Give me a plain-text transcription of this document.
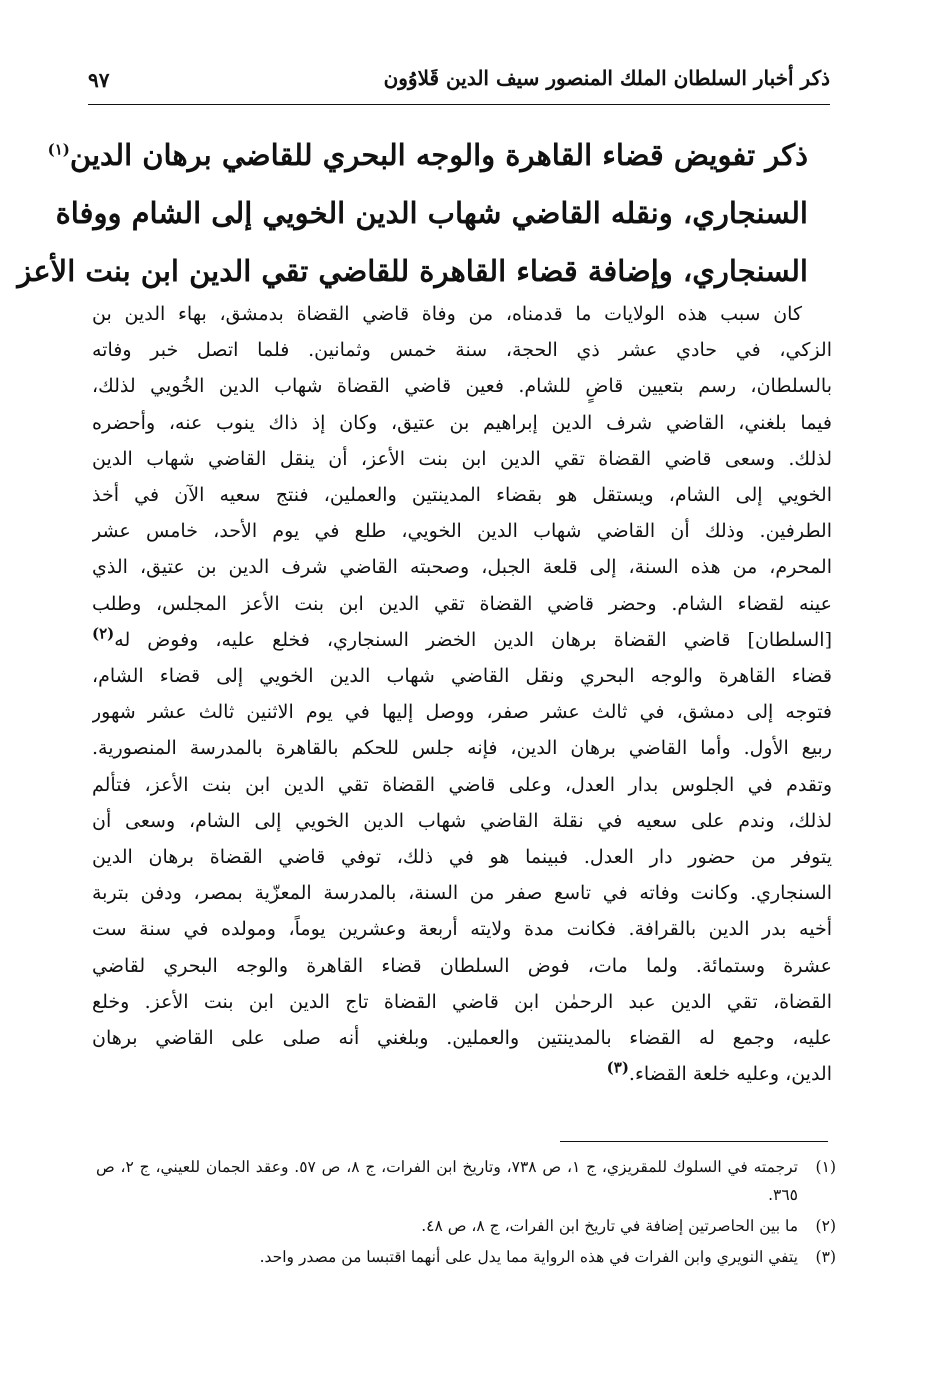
ذكر أخبار السلطان الملك المنصور سيف الدين قَلاوُون
٩٧
ذكر تفويض قضاء القاهرة والوجه البحري للقاضي برهان الدين$^{(١)}$
السنجاري، ونقله القاضي شهاب الدين الخويي إلى الشام ووفاة
السنجاري، وإضافة قضاء القاهرة للقاضي تقي الدين ابن بنت الأعز
كان سبب هذه الولايات ما قدمناه، من وفاة قاضي القضاة بدمشق، بهاء الدين بن
الزكي، في حادي عشر ذي الحجة، سنة خمس وثمانين. فلما اتصل خبر وفاته
بالسلطان، رسم بتعيين قاضٍ للشام. فعين قاضي القضاة شهاب الدين الخُويي لذلك،
فيما بلغني، القاضي شرف الدين إبراهيم بن عتيق، وكان إذ ذاك ينوب عنه، وأحضره
لذلك. وسعى قاضي القضاة تقي الدين ابن بنت الأعز، أن ينقل القاضي شهاب الدين
الخويي إلى الشام، ويستقل هو بقضاء المدينتين والعملين، فنتج سعيه الآن في أخذ
الطرفين. وذلك أن القاضي شهاب الدين الخويي، طلع في يوم الأحد، خامس عشر
المحرم، من هذه السنة، إلى قلعة الجبل، وصحبته القاضي شرف الدين بن عتيق، الذي
عينه لقضاء الشام. وحضر قاضي القضاة تقي الدين ابن بنت الأعز المجلس، وطلب
[السلطان] قاضي القضاة برهان الدين الخضر السنجاري، فخلع عليه، وفوض له$^{(٢)}$
قضاء القاهرة والوجه البحري ونقل القاضي شهاب الدين الخويي إلى قضاء الشام،
فتوجه إلى دمشق، في ثالث عشر صفر، ووصل إليها في يوم الاثنين ثالث عشر شهور
ربيع الأول. وأما القاضي برهان الدين، فإنه جلس للحكم بالقاهرة بالمدرسة المنصورية.
وتقدم في الجلوس بدار العدل، وعلى قاضي القضاة تقي الدين ابن بنت الأعز، فتألم
لذلك، وندم على سعيه في نقلة القاضي شهاب الدين الخويي إلى الشام، وسعى أن
يتوفر من حضور دار العدل. فبينما هو في ذلك، توفي قاضي القضاة برهان الدين
السنجاري. وكانت وفاته في تاسع صفر من السنة، بالمدرسة المعزّية بمصر، ودفن بتربة
أخيه بدر الدين بالقرافة. فكانت مدة ولايته أربعة وعشرين يوماً، ومولده في سنة ست
عشرة وستمائة. ولما مات، فوض السلطان قضاء القاهرة والوجه البحري لقاضي
القضاة، تقي الدين عبد الرحمٰن ابن قاضي القضاة تاج الدين ابن بنت الأعز. وخلع
عليه، وجمع له القضاء بالمدينتين والعملين. وبلغني أنه صلى على القاضي برهان
الدين، وعليه خلعة القضاء.$^{(٣)}$
(١)
ترجمته في السلوك للمقريزي، ج ١، ص ٧٣٨، وتاريخ ابن الفرات، ج ٨، ص ٥٧. وعقد الجمان للعيني، ج ٢، ص ٣٦٥.
(٢)
ما بين الحاصرتين إضافة في تاريخ ابن الفرات، ج ٨، ص ٤٨.
(٣)
يتفي النويري وابن الفرات في هذه الرواية مما يدل على أنهما اقتبسا من مصدر واحد.
